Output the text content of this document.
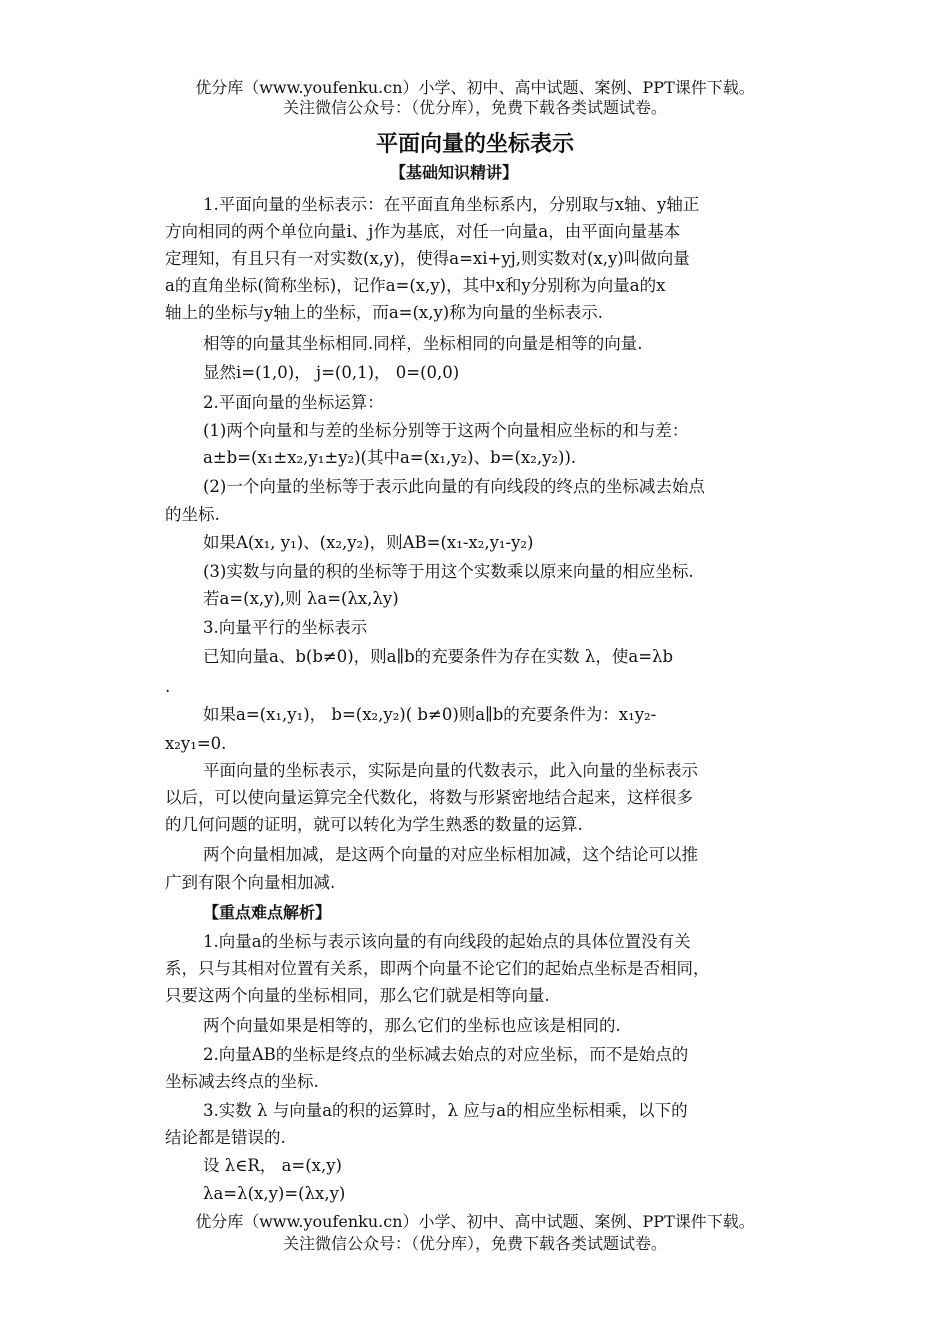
优分库（www.youfenku.cn）小学、初中、高中试题、案例、PPT课件下载。
关注微信公众号：（优分库），免费下载各类试题试卷。
平面向量的坐标表示
【基础知识精讲】
1.平面向量的坐标表示：在平面直角坐标系内，分别取与x轴、y轴正
方向相同的两个单位向量i、j作为基底，对任一向量a，由平面向量基本
定理知，有且只有一对实数(x,y)，使得a=xi+yj,则实数对(x,y)叫做向量
a的直角坐标(简称坐标)，记作a=(x,y)，其中x和y分别称为向量a的x
轴上的坐标与y轴上的坐标，而a=(x,y)称为向量的坐标表示.
相等的向量其坐标相同.同样，坐标相同的向量是相等的向量.
显然i=(1,0)， j=(0,1)， 0=(0,0)
2.平面向量的坐标运算：
(1)两个向量和与差的坐标分别等于这两个向量相应坐标的和与差：
a±b=(x₁±x₂,y₁±y₂)(其中a=(x₁,y₂)、b=(x₂,y₂)).
(2)一个向量的坐标等于表示此向量的有向线段的终点的坐标减去始点
的坐标.
如果A(x₁, y₁)、(x₂,y₂)，则AB=(x₁-x₂,y₁-y₂)
(3)实数与向量的积的坐标等于用这个实数乘以原来向量的相应坐标.
若a=(x,y),则 λa=(λx,λy)
3.向量平行的坐标表示
已知向量a、b(b≠0)，则a∥b的充要条件为存在实数 λ，使a=λb
.
如果a=(x₁,y₁)， b=(x₂,y₂)( b≠0)则a∥b的充要条件为：x₁y₂-
x₂y₁=0.
平面向量的坐标表示，实际是向量的代数表示，此入向量的坐标表示
以后，可以使向量运算完全代数化，将数与形紧密地结合起来，这样很多
的几何问题的证明，就可以转化为学生熟悉的数量的运算.
两个向量相加减，是这两个向量的对应坐标相加减，这个结论可以推
广到有限个向量相加减.
【重点难点解析】
1.向量a的坐标与表示该向量的有向线段的起始点的具体位置没有关
系，只与其相对位置有关系，即两个向量不论它们的起始点坐标是否相同，
只要这两个向量的坐标相同，那么它们就是相等向量.
两个向量如果是相等的，那么它们的坐标也应该是相同的.
2.向量AB的坐标是终点的坐标减去始点的对应坐标，而不是始点的
坐标减去终点的坐标.
3.实数 λ 与向量a的积的运算时，λ 应与a的相应坐标相乘，以下的
结论都是错误的.
设 λ∈R， a=(x,y)
λa=λ(x,y)=(λx,y)
优分库（www.youfenku.cn）小学、初中、高中试题、案例、PPT课件下载。
关注微信公众号：（优分库），免费下载各类试题试卷。
